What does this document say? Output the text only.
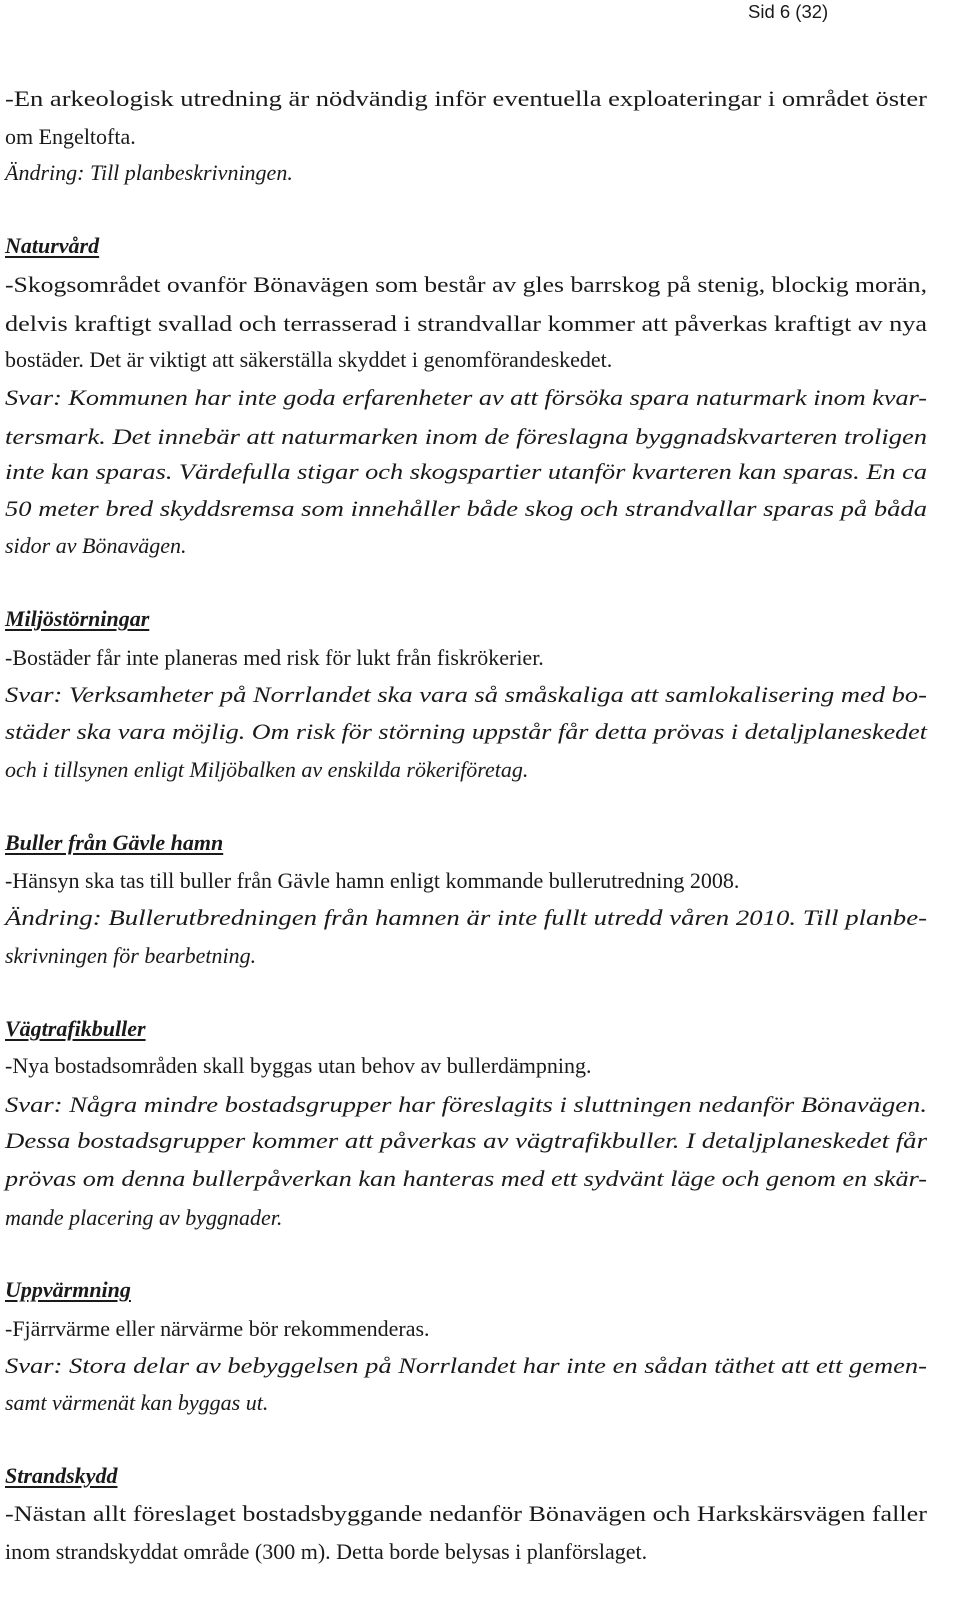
Sid 6 (32)
-En arkeologisk utredning är nödvändig inför eventuella exploateringar i området öster
om Engeltofta.
Ändring: Till planbeskrivningen.
Naturvård
-Skogsområdet ovanför Bönavägen som består av gles barrskog på stenig, blockig morän,
delvis kraftigt svallad och terrasserad i strandvallar kommer att påverkas kraftigt av nya
bostäder. Det är viktigt att säkerställa skyddet i genomförandeskedet.
Svar: Kommunen har inte goda erfarenheter av att försöka spara naturmark inom kvar-
tersmark. Det innebär att naturmarken inom de föreslagna byggnadskvarteren troligen
inte kan sparas. Värdefulla stigar och skogspartier utanför kvarteren kan sparas. En ca
50 meter bred skyddsremsa som innehåller både skog och strandvallar sparas på båda
sidor av Bönavägen.
Miljöstörningar
-Bostäder får inte planeras med risk för lukt från fiskrökerier.
Svar: Verksamheter på Norrlandet ska vara så småskaliga att samlokalisering med bo-
städer ska vara möjlig. Om risk för störning uppstår får detta prövas i detaljplaneskedet
och i tillsynen enligt Miljöbalken av enskilda rökeriföretag.
Buller från Gävle hamn
-Hänsyn ska tas till buller från Gävle hamn enligt kommande bullerutredning 2008.
Ändring: Bullerutbredningen från hamnen är inte fullt utredd våren 2010. Till planbe-
skrivningen för bearbetning.
Vägtrafikbuller
-Nya bostadsområden skall byggas utan behov av bullerdämpning.
Svar: Några mindre bostadsgrupper har föreslagits i sluttningen nedanför Bönavägen.
Dessa bostadsgrupper kommer att påverkas av vägtrafikbuller. I detaljplaneskedet får
prövas om denna bullerpåverkan kan hanteras med ett sydvänt läge och genom en skär-
mande placering av byggnader.
Uppvärmning
-Fjärrvärme eller närvärme bör rekommenderas.
Svar: Stora delar av bebyggelsen på Norrlandet har inte en sådan täthet att ett gemen-
samt värmenät kan byggas ut.
Strandskydd
-Nästan allt föreslaget bostadsbyggande nedanför Bönavägen och Harkskärsvägen faller
inom strandskyddat område (300 m). Detta borde belysas i planförslaget.
